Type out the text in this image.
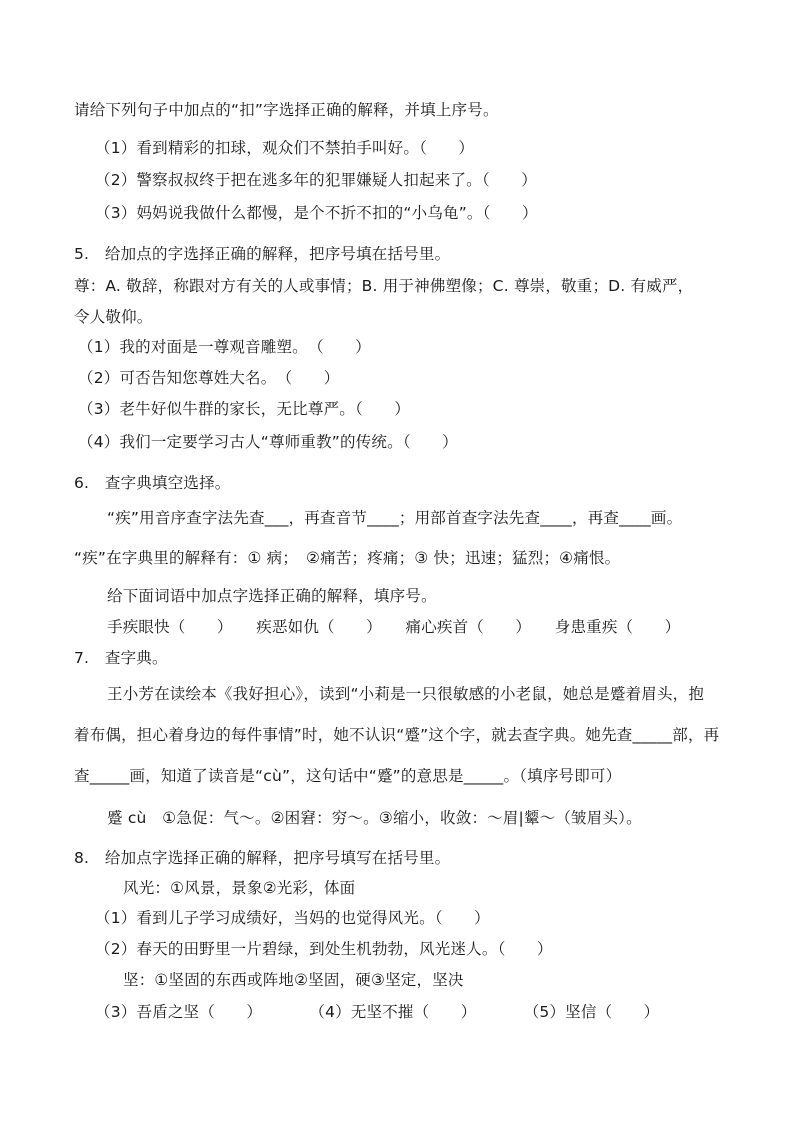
请给下列句子中加点的“扣”字选择正确的解释，并填上序号。
（1）看到精彩的扣球，观众们不禁拍手叫好。（　　）
（2）警察叔叔终于把在逃多年的犯罪嫌疑人扣起来了。（　　）
（3）妈妈说我做什么都慢，是个不折不扣的“小乌龟”。（　　）
5.　给加点的字选择正确的解释，把序号填在括号里。
尊：A. 敬辞，称跟对方有关的人或事情；B. 用于神佛塑像；C. 尊崇，敬重；D. 有威严，
令人敬仰。
（1）我的对面是一尊观音雕塑。　（　　）
（2）可否告知您尊姓大名。　（　　）
（3）老牛好似牛群的家长，无比尊严。（　　）
（4）我们一定要学习古人“尊师重教”的传统。（　　）
6.　查字典填空选择。
“疾”用音序查字法先查___，再查音节____；用部首查字法先查____，再查____画。
“疾”在字典里的解释有：① 病；　②痛苦；疼痛；③ 快；迅速；猛烈；④痛恨。
给下面词语中加点字选择正确的解释，填序号。
手疾眼快（　　）　　疾恶如仇（　　）　　痛心疾首（　　）　　身患重疾（　　）
7.　查字典。
王小芳在读绘本《我好担心》，读到“小莉是一只很敏感的小老鼠，她总是蹙着眉头，抱
着布偶，担心着身边的每件事情”时，她不认识“蹙”这个字，就去查字典。她先查_____部，再
查_____画，知道了读音是“cù”，这句话中“蹙”的意思是_____。（填序号即可）
蹙 cù　①急促：气～。②困窘：穷～。③缩小，收敛：～眉|颦～（皱眉头）。
8.　给加点字选择正确的解释，把序号填写在括号里。
风光：①风景，景象②光彩，体面
（1）看到儿子学习成绩好，当妈的也觉得风光。（　　）
（2）春天的田野里一片碧绿，到处生机勃勃，风光迷人。（　　）
坚：①坚固的东西或阵地②坚固，硬③坚定，坚决
（3）吾盾之坚（　　）　　　　（4）无坚不摧（　　）　　　　（5）坚信（　　）
